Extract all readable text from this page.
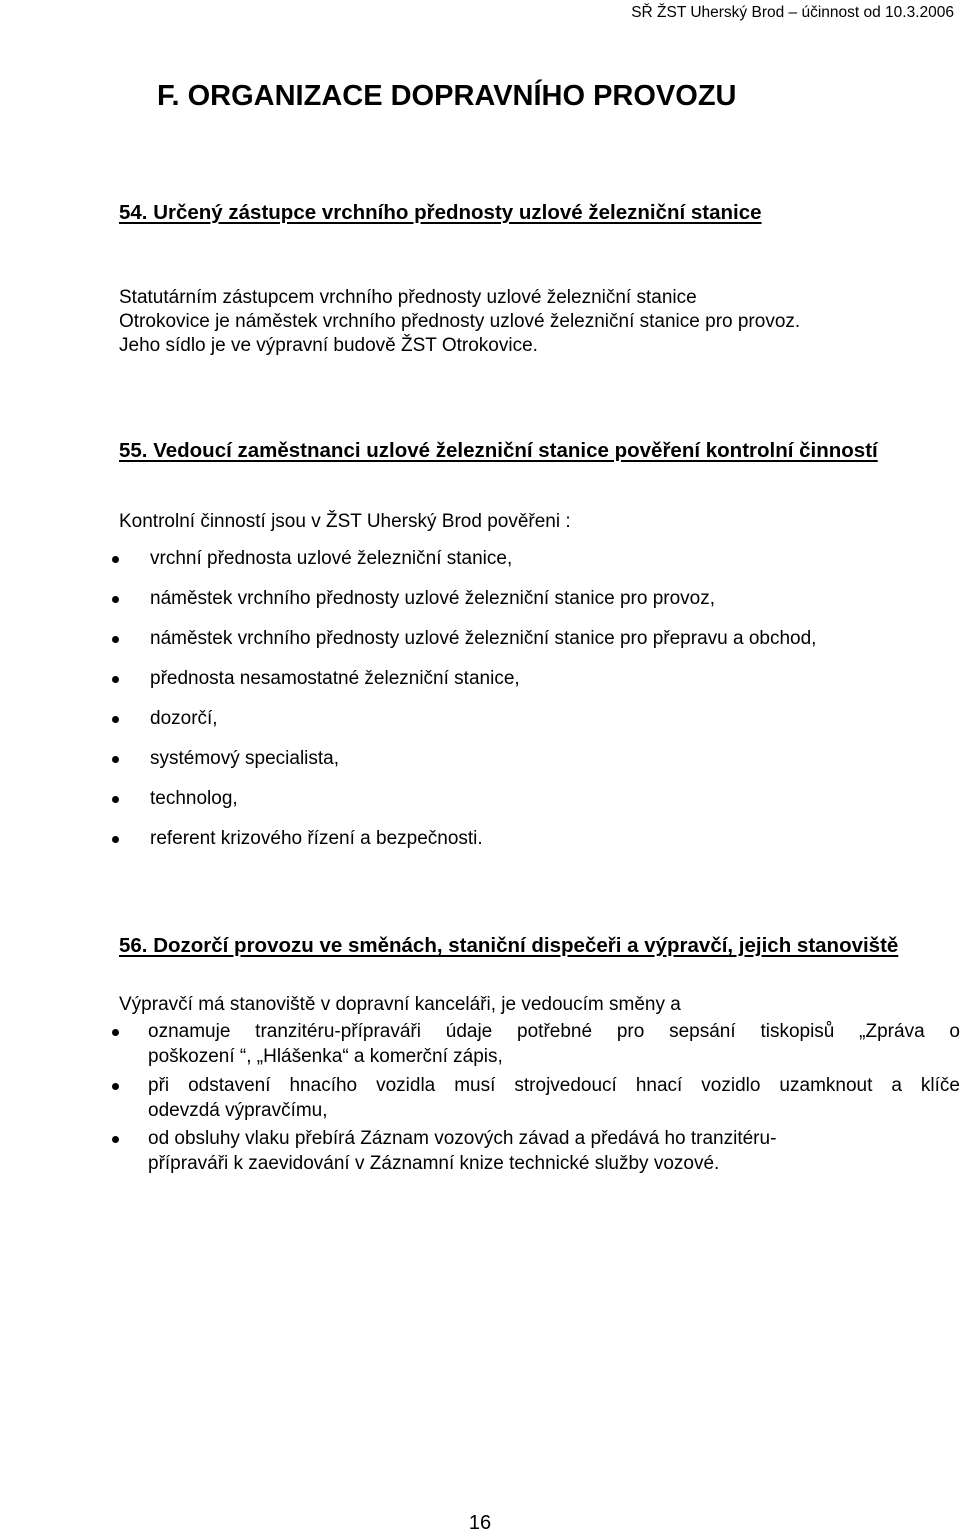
SŘ ŽST Uherský Brod – účinnost od 10.3.2006
F. ORGANIZACE DOPRAVNÍHO PROVOZU
54. Určený zástupce vrchního přednosty uzlové železniční stanice
Statutárním zástupcem vrchního přednosty uzlové železniční stanice
Otrokovice je náměstek vrchního přednosty uzlové železniční stanice pro provoz.
Jeho sídlo je ve výpravní budově ŽST Otrokovice.
55. Vedoucí zaměstnanci uzlové železniční stanice pověření kontrolní činností
Kontrolní činností jsou v ŽST Uherský Brod pověřeni :
vrchní přednosta uzlové železniční stanice,
náměstek vrchního přednosty uzlové železniční stanice pro provoz,
náměstek vrchního přednosty uzlové železniční stanice pro přepravu a obchod,
přednosta nesamostatné železniční stanice,
dozorčí,
systémový specialista,
technolog,
referent krizového řízení a bezpečnosti.
56. Dozorčí provozu ve směnách, staniční dispečeři a výpravčí, jejich stanoviště
Výpravčí má stanoviště v dopravní kanceláři, je vedoucím směny a
oznamuje tranzitéru-přípraváři údaje potřebné pro sepsání tiskopisů „Zpráva o
poškození “, „Hlášenka“ a komerční zápis,
při odstavení hnacího vozidla musí strojvedoucí hnací vozidlo uzamknout a klíče
odevzdá výpravčímu,
od obsluhy vlaku přebírá Záznam vozových závad a předává ho tranzitéru-
přípraváři k zaevidování v Záznamní knize technické služby vozové.
16
